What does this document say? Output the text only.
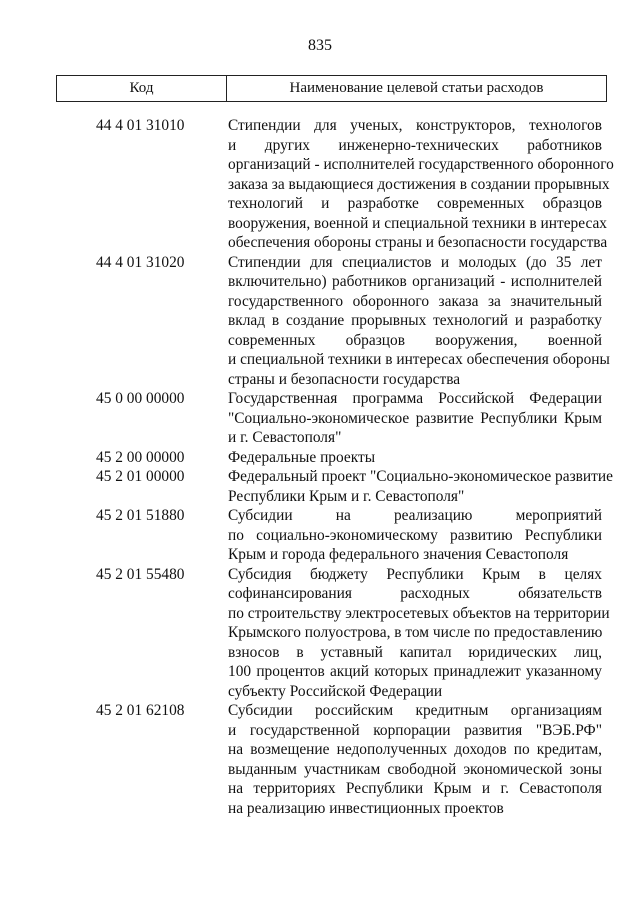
835
Код	Наименование целевой статьи расходов
44 4 01 31010	Стипендии для ученых, конструкторов, технологов
и других инженерно-технических работников
организаций - исполнителей государственного оборонного
заказа за выдающиеся достижения в создании прорывных
технологий и разработке современных образцов
вооружения, военной и специальной техники в интересах
обеспечения обороны страны и безопасности государства
44 4 01 31020	Стипендии для специалистов и молодых (до 35 лет
включительно) работников организаций - исполнителей
государственного оборонного заказа за значительный
вклад в создание прорывных технологий и разработку
современных образцов вооружения, военной
и специальной техники в интересах обеспечения обороны
страны и безопасности государства
45 0 00 00000	Государственная программа Российской Федерации
"Социально-экономическое развитие Республики Крым
и г. Севастополя"
45 2 00 00000	Федеральные проекты
45 2 01 00000	Федеральный проект "Социально-экономическое развитие
Республики Крым и г. Севастополя"
45 2 01 51880	Субсидии на реализацию мероприятий
по социально-экономическому развитию Республики
Крым и города федерального значения Севастополя
45 2 01 55480	Субсидия бюджету Республики Крым в целях
софинансирования расходных обязательств
по строительству электросетевых объектов на территории
Крымского полуострова, в том числе по предоставлению
взносов в уставный капитал юридических лиц,
100 процентов акций которых принадлежит указанному
субъекту Российской Федерации
45 2 01 62108	Субсидии российским кредитным организациям
и государственной корпорации развития "ВЭБ.РФ"
на возмещение недополученных доходов по кредитам,
выданным участникам свободной экономической зоны
на территориях Республики Крым и г. Севастополя
на реализацию инвестиционных проектов
